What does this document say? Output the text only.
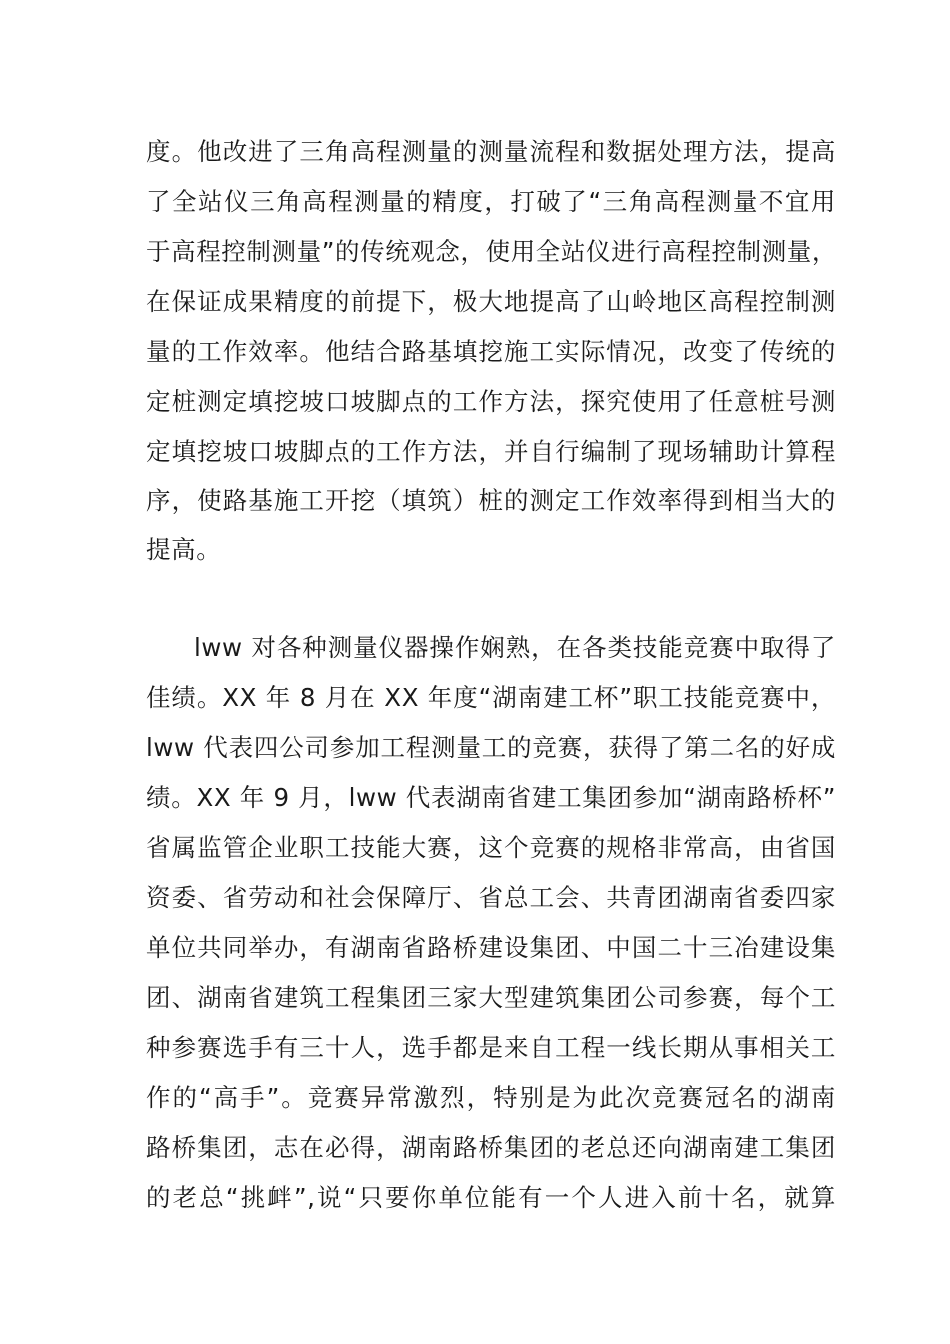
度。他改进了三角高程测量的测量流程和数据处理方法，提高
了全站仪三角高程测量的精度，打破了“三角高程测量不宜用
于高程控制测量”的传统观念，使用全站仪进行高程控制测量，
在保证成果精度的前提下，极大地提高了山岭地区高程控制测
量的工作效率。他结合路基填挖施工实际情况，改变了传统的
定桩测定填挖坡口坡脚点的工作方法，探究使用了任意桩号测
定填挖坡口坡脚点的工作方法，并自行编制了现场辅助计算程
序，使路基施工开挖（填筑）桩的测定工作效率得到相当大的
提高。
lww 对各种测量仪器操作娴熟，在各类技能竞赛中取得了
佳绩。XX 年 8 月在 XX 年度“湖南建工杯”职工技能竞赛中，
lww 代表四公司参加工程测量工的竞赛，获得了第二名的好成
绩。XX 年 9 月，lww 代表湖南省建工集团参加“湖南路桥杯”
省属监管企业职工技能大赛，这个竞赛的规格非常高，由省国
资委、省劳动和社会保障厅、省总工会、共青团湖南省委四家
单位共同举办，有湖南省路桥建设集团、中国二十三冶建设集
团、湖南省建筑工程集团三家大型建筑集团公司参赛，每个工
种参赛选手有三十人，选手都是来自工程一线长期从事相关工
作的“高手”。竞赛异常激烈，特别是为此次竞赛冠名的湖南
路桥集团，志在必得，湖南路桥集团的老总还向湖南建工集团
的老总“挑衅”,说“只要你单位能有一个人进入前十名，就算
